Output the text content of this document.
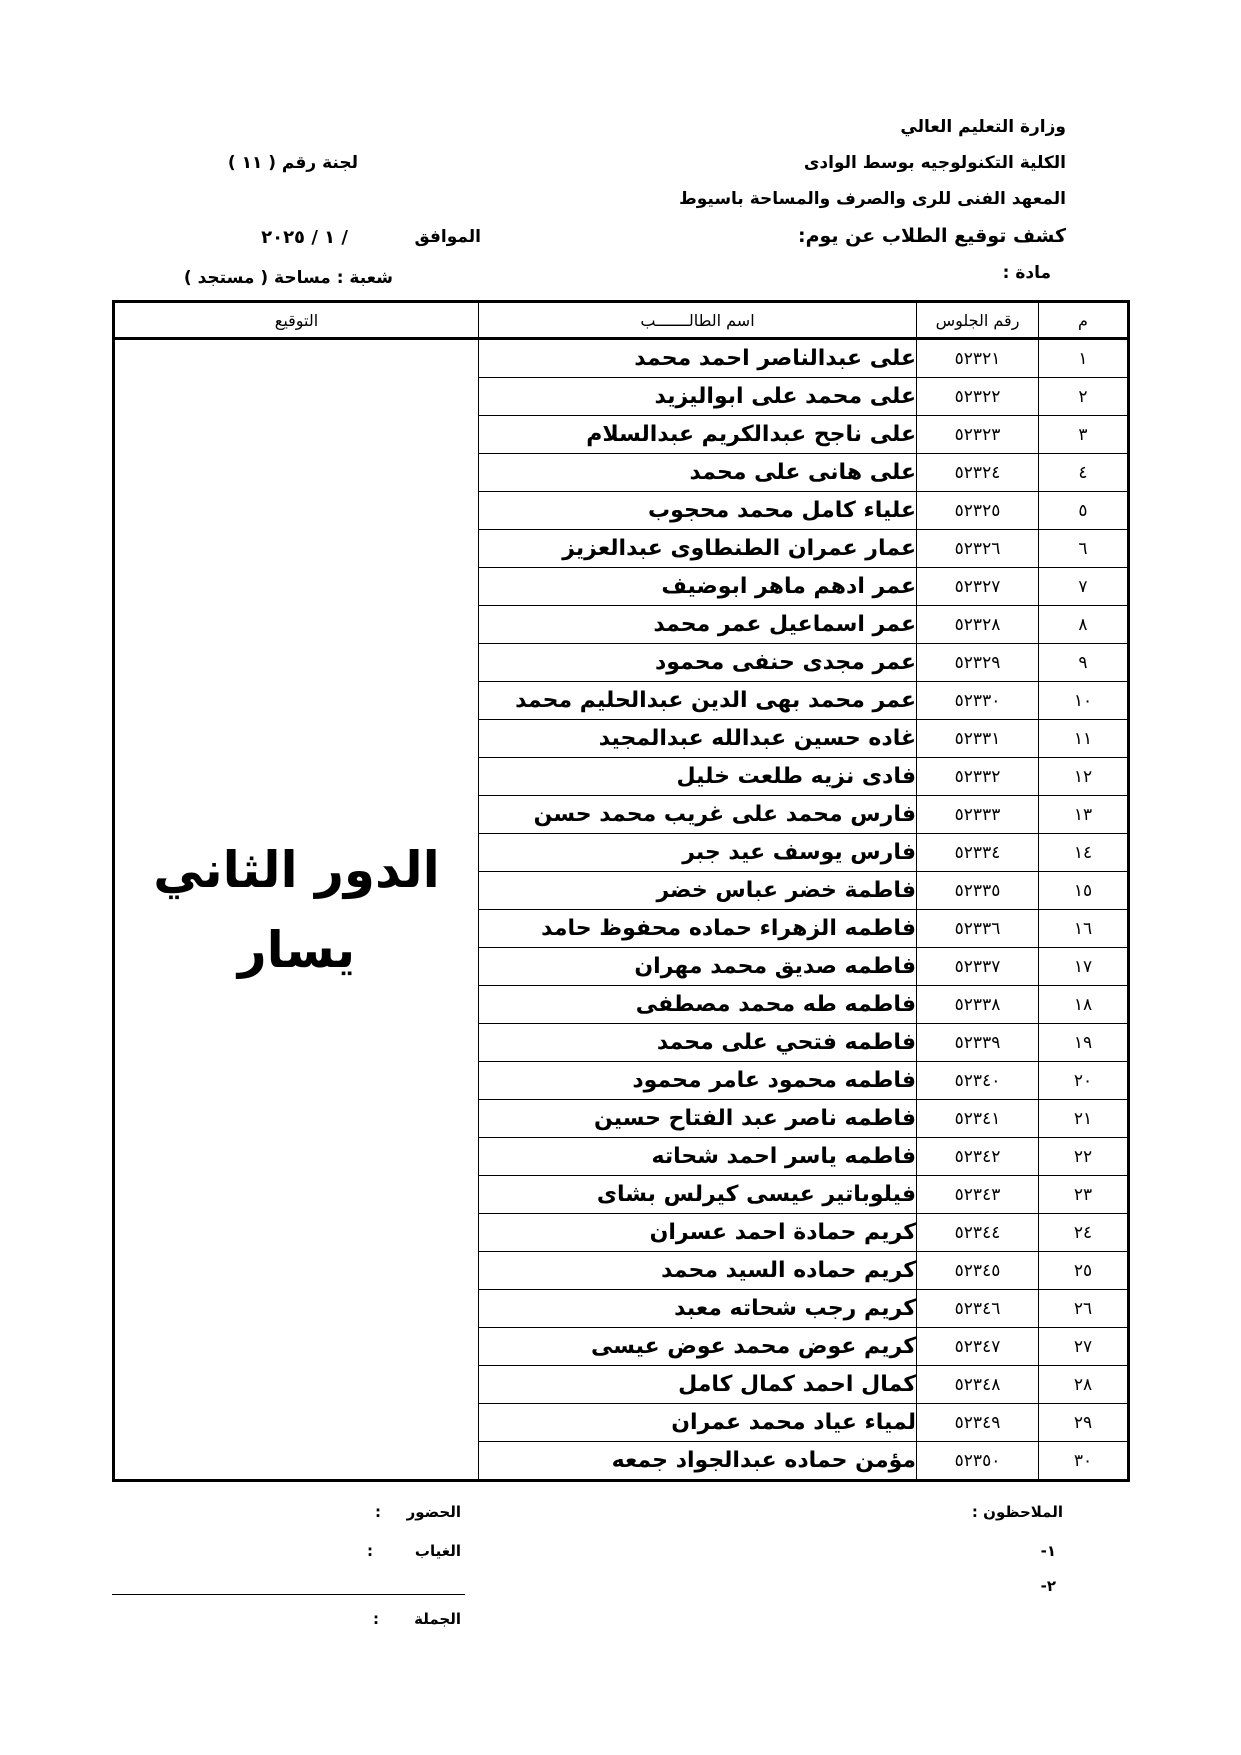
وزارة التعليم العالي
الكلية التكنولوجيه بوسط الوادى
المعهد الفنى للرى والصرف والمساحة باسيوط
كشف توقيع الطلاب عن يوم:
مادة :
لجنة رقم ( ١١ )
الموافق
/ ١ / ٢٠٢٥
شعبة : مساحة ( مستجد )
م	رقم الجلوس	اسم الطالـــــــب	التوقيع
١	٥٢٣٢١	على عبدالناصر احمد محمد	الدور الثاني
يسار

٢	٥٢٣٢٢	على محمد على ابواليزيد	
٣	٥٢٣٢٣	على ناجح عبدالكريم عبدالسلام	
٤	٥٢٣٢٤	على هانى على محمد	
٥	٥٢٣٢٥	علياء كامل محمد محجوب	
٦	٥٢٣٢٦	عمار عمران الطنطاوى عبدالعزيز	
٧	٥٢٣٢٧	عمر ادهم ماهر ابوضيف	
٨	٥٢٣٢٨	عمر اسماعيل عمر محمد	
٩	٥٢٣٢٩	عمر مجدى حنفى محمود	
١٠	٥٢٣٣٠	عمر محمد بهى الدين عبدالحليم محمد	
١١	٥٢٣٣١	غاده حسين عبدالله عبدالمجيد	
١٢	٥٢٣٣٢	فادى نزيه طلعت خليل	
١٣	٥٢٣٣٣	فارس محمد على غريب محمد حسن	
١٤	٥٢٣٣٤	فارس يوسف عيد جبر	
١٥	٥٢٣٣٥	فاطمة خضر عباس خضر	
١٦	٥٢٣٣٦	فاطمه الزهراء حماده محفوظ حامد	
١٧	٥٢٣٣٧	فاطمه صديق محمد مهران	
١٨	٥٢٣٣٨	فاطمه طه محمد مصطفى	
١٩	٥٢٣٣٩	فاطمه فتحي على محمد	
٢٠	٥٢٣٤٠	فاطمه محمود عامر محمود	
٢١	٥٢٣٤١	فاطمه ناصر عبد الفتاح حسين	
٢٢	٥٢٣٤٢	فاطمه ياسر احمد شحاته	
٢٣	٥٢٣٤٣	فيلوباتير عيسى كيرلس بشاى	
٢٤	٥٢٣٤٤	كريم حمادة احمد عسران	
٢٥	٥٢٣٤٥	كريم حماده السيد محمد	
٢٦	٥٢٣٤٦	كريم رجب شحاته معبد	
٢٧	٥٢٣٤٧	كريم عوض محمد عوض عيسى	
٢٨	٥٢٣٤٨	كمال احمد كمال كامل	
٢٩	٥٢٣٤٩	لمياء عياد محمد عمران	
٣٠	٥٢٣٥٠	مؤمن حماده عبدالجواد جمعه	
الملاحظون :
١-
٢-
الحضور
:
الغياب
:
الجملة
:
